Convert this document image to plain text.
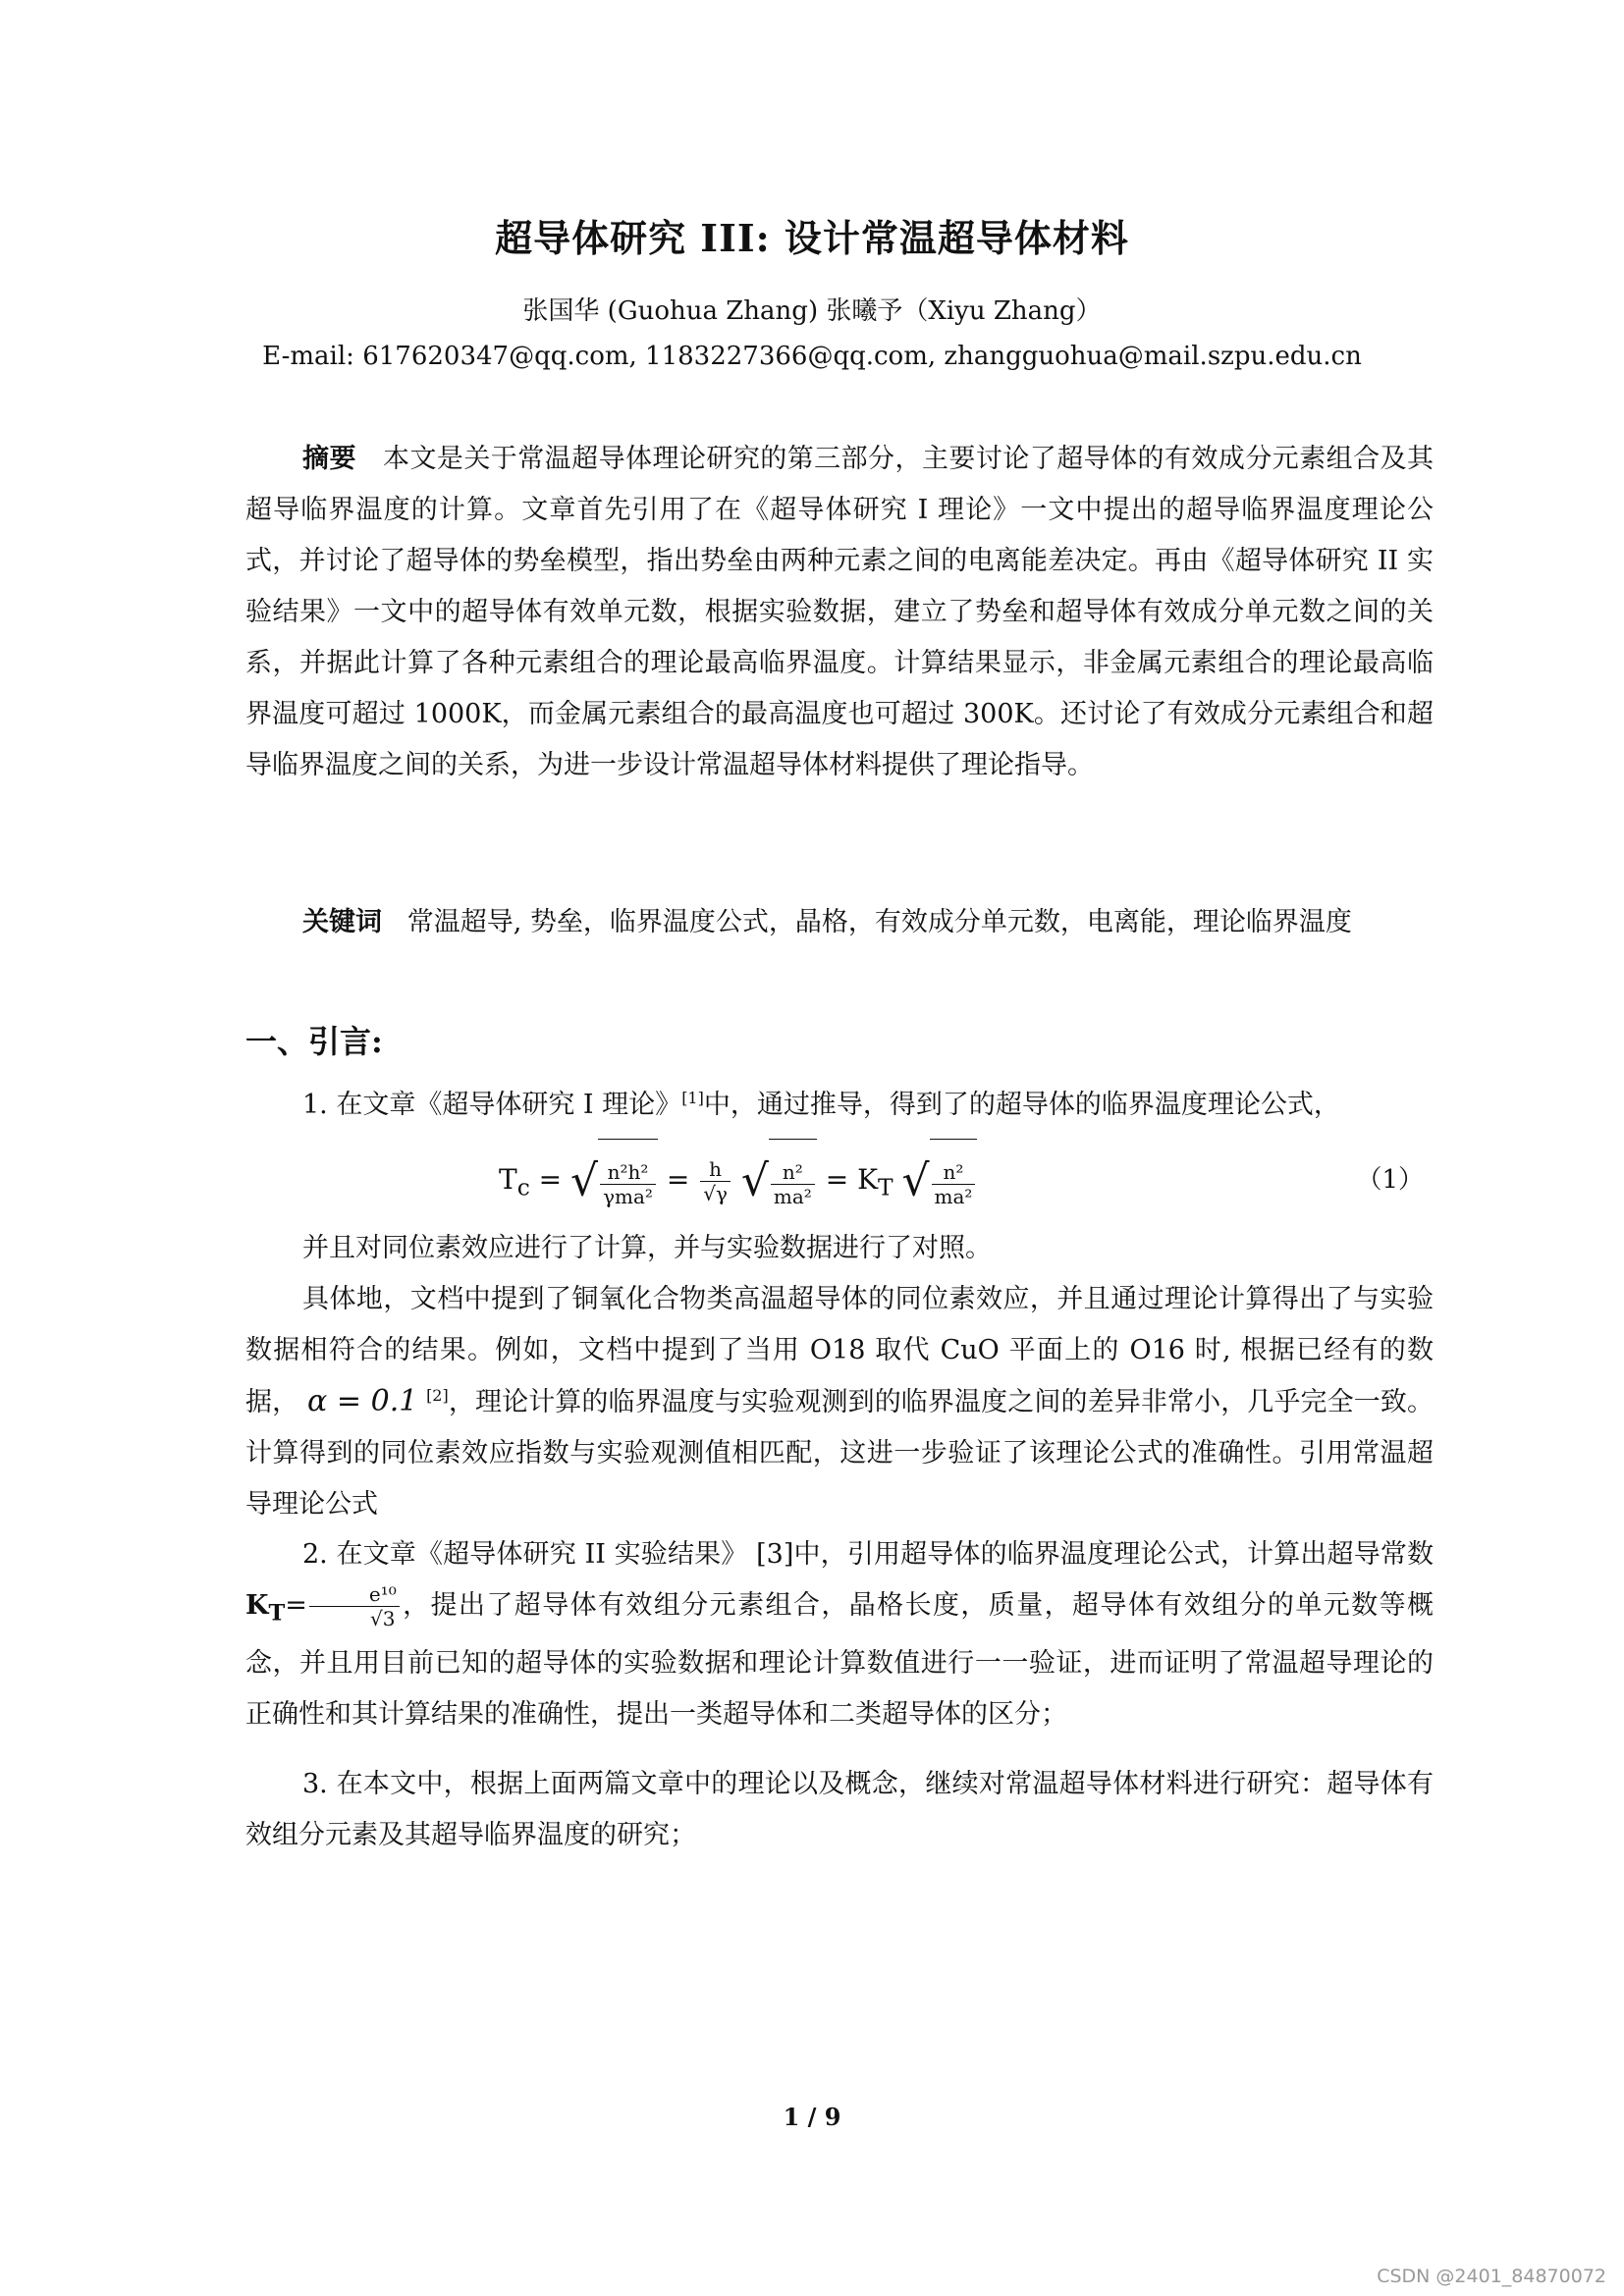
超导体研究 III: 设计常温超导体材料
张国华 (Guohua Zhang) 张曦予（Xiyu Zhang）
E-mail: 617620347@qq.com, 1183227366@qq.com, zhangguohua@mail.szpu.edu.cn
摘要 本文是关于常温超导体理论研究的第三部分，主要讨论了超导体的有效成分元素组合及其超导临界温度的计算。文章首先引用了在《超导体研究 I 理论》一文中提出的超导临界温度理论公式，并讨论了超导体的势垒模型，指出势垒由两种元素之间的电离能差决定。再由《超导体研究 II 实验结果》一文中的超导体有效单元数，根据实验数据，建立了势垒和超导体有效成分单元数之间的关系，并据此计算了各种元素组合的理论最高临界温度。计算结果显示，非金属元素组合的理论最高临界温度可超过 1000K，而金属元素组合的最高温度也可超过 300K。还讨论了有效成分元素组合和超导临界温度之间的关系，为进一步设计常温超导体材料提供了理论指导。
关键词 常温超导, 势垒，临界温度公式，晶格，有效成分单元数，电离能，理论临界温度
一、引言:
1. 在文章《超导体研究 I 理论》[1]中，通过推导，得到了的超导体的临界温度理论公式，
$T_c$ = √ $\frac{\text{n²h²}}{\text{γma²}} = \frac{h}{√\gamma}$ √ $\frac{\text{n²}}{\text{ma²}} = K_T$ √ $\frac{\text{n²}}{\text{ma²}}$	（1）
并且对同位素效应进行了计算，并与实验数据进行了对照。
具体地，文档中提到了铜氧化合物类高温超导体的同位素效应，并且通过理论计算得出了与实验数据相符合的结果。例如，文档中提到了当用 O18 取代 CuO 平面上的 O16 时, 根据已经有的数据， α = 0.1 [2]，理论计算的临界温度与实验观测到的临界温度之间的差异非常小，几乎完全一致。计算得到的同位素效应指数与实验观测值相匹配，这进一步验证了该理论公式的准确性。引用常温超导理论公式
2. 在文章《超导体研究 II 实验结果》 [3]中，引用超导体的临界温度理论公式，计算出超导常数$K_T= \frac{\text{e¹⁰}}{√3}$ ，提出了超导体有效组分元素组合，晶格长度，质量，超导体有效组分的单元数等概念，并且用目前已知的超导体的实验数据和理论计算数值进行一一验证，进而证明了常温超导理论的正确性和其计算结果的准确性，提出一类超导体和二类超导体的区分；
3. 在本文中，根据上面两篇文章中的理论以及概念，继续对常温超导体材料进行研究：超导体有效组分元素及其超导临界温度的研究；
1 / 9
CSDN @2401_84870072
